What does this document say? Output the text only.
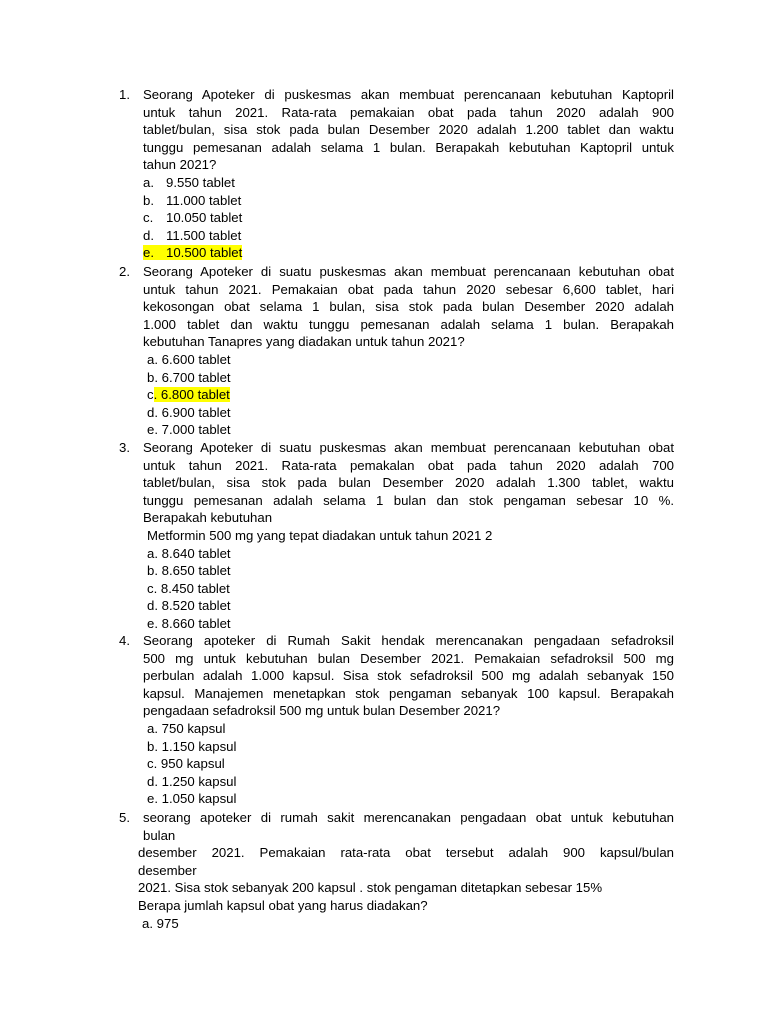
1. Seorang Apoteker di puskesmas akan membuat perencanaan kebutuhan Kaptopril
untuk tahun 2021. Rata-rata pemakaian obat pada tahun 2020 adalah 900
tablet/bulan, sisa stok pada bulan Desember 2020 adalah 1.200 tablet dan waktu
tunggu pemesanan adalah selama 1 bulan. Berapakah kebutuhan Kaptopril untuk
tahun 2021?
a. 9.550 tablet
b. 11.000 tablet
c. 10.050 tablet
d. 11.500 tablet
e. 10.500 tablet
2. Seorang Apoteker di suatu puskesmas akan membuat perencanaan kebutuhan obat
untuk tahun 2021. Pemakaian obat pada tahun 2020 sebesar 6,600 tablet, hari
kekosongan obat selama 1 bulan, sisa stok pada bulan Desember 2020 adalah
1.000 tablet dan waktu tunggu pemesanan adalah selama 1 bulan. Berapakah
kebutuhan Tanapres yang diadakan untuk tahun 2021?
a. 6.600 tablet
b. 6.700 tablet
c. 6.800 tablet
d. 6.900 tablet
e. 7.000 tablet
3. Seorang Apoteker di suatu puskesmas akan membuat perencanaan kebutuhan obat
untuk tahun 2021. Rata-rata pemakalan obat pada tahun 2020 adalah 700
tablet/bulan, sisa stok pada bulan Desember 2020 adalah 1.300 tablet, waktu
tunggu pemesanan adalah selama 1 bulan dan stok pengaman sebesar 10 %.
Berapakah kebutuhan
Metformin 500 mg yang tepat diadakan untuk tahun 2021 2
a. 8.640 tablet
b. 8.650 tablet
c. 8.450 tablet
d. 8.520 tablet
e. 8.660 tablet
4. Seorang apoteker di Rumah Sakit hendak merencanakan pengadaan sefadroksil
500 mg untuk kebutuhan bulan Desember 2021. Pemakaian sefadroksil 500 mg
perbulan adalah 1.000 kapsul. Sisa stok sefadroksil 500 mg adalah sebanyak 150
kapsul. Manajemen menetapkan stok pengaman sebanyak 100 kapsul. Berapakah
pengadaan sefadroksil 500 mg untuk bulan Desember 2021?
a. 750 kapsul
b. 1.150 kapsul
c. 950 kapsul
d. 1.250 kapsul
e. 1.050 kapsul
5. seorang apoteker di rumah sakit merencanakan pengadaan obat untuk kebutuhan
bulan
desember 2021. Pemakaian rata-rata obat tersebut adalah 900 kapsul/bulan
desember
2021. Sisa stok sebanyak 200 kapsul . stok pengaman ditetapkan sebesar 15%
Berapa jumlah kapsul obat yang harus diadakan?
a. 975
